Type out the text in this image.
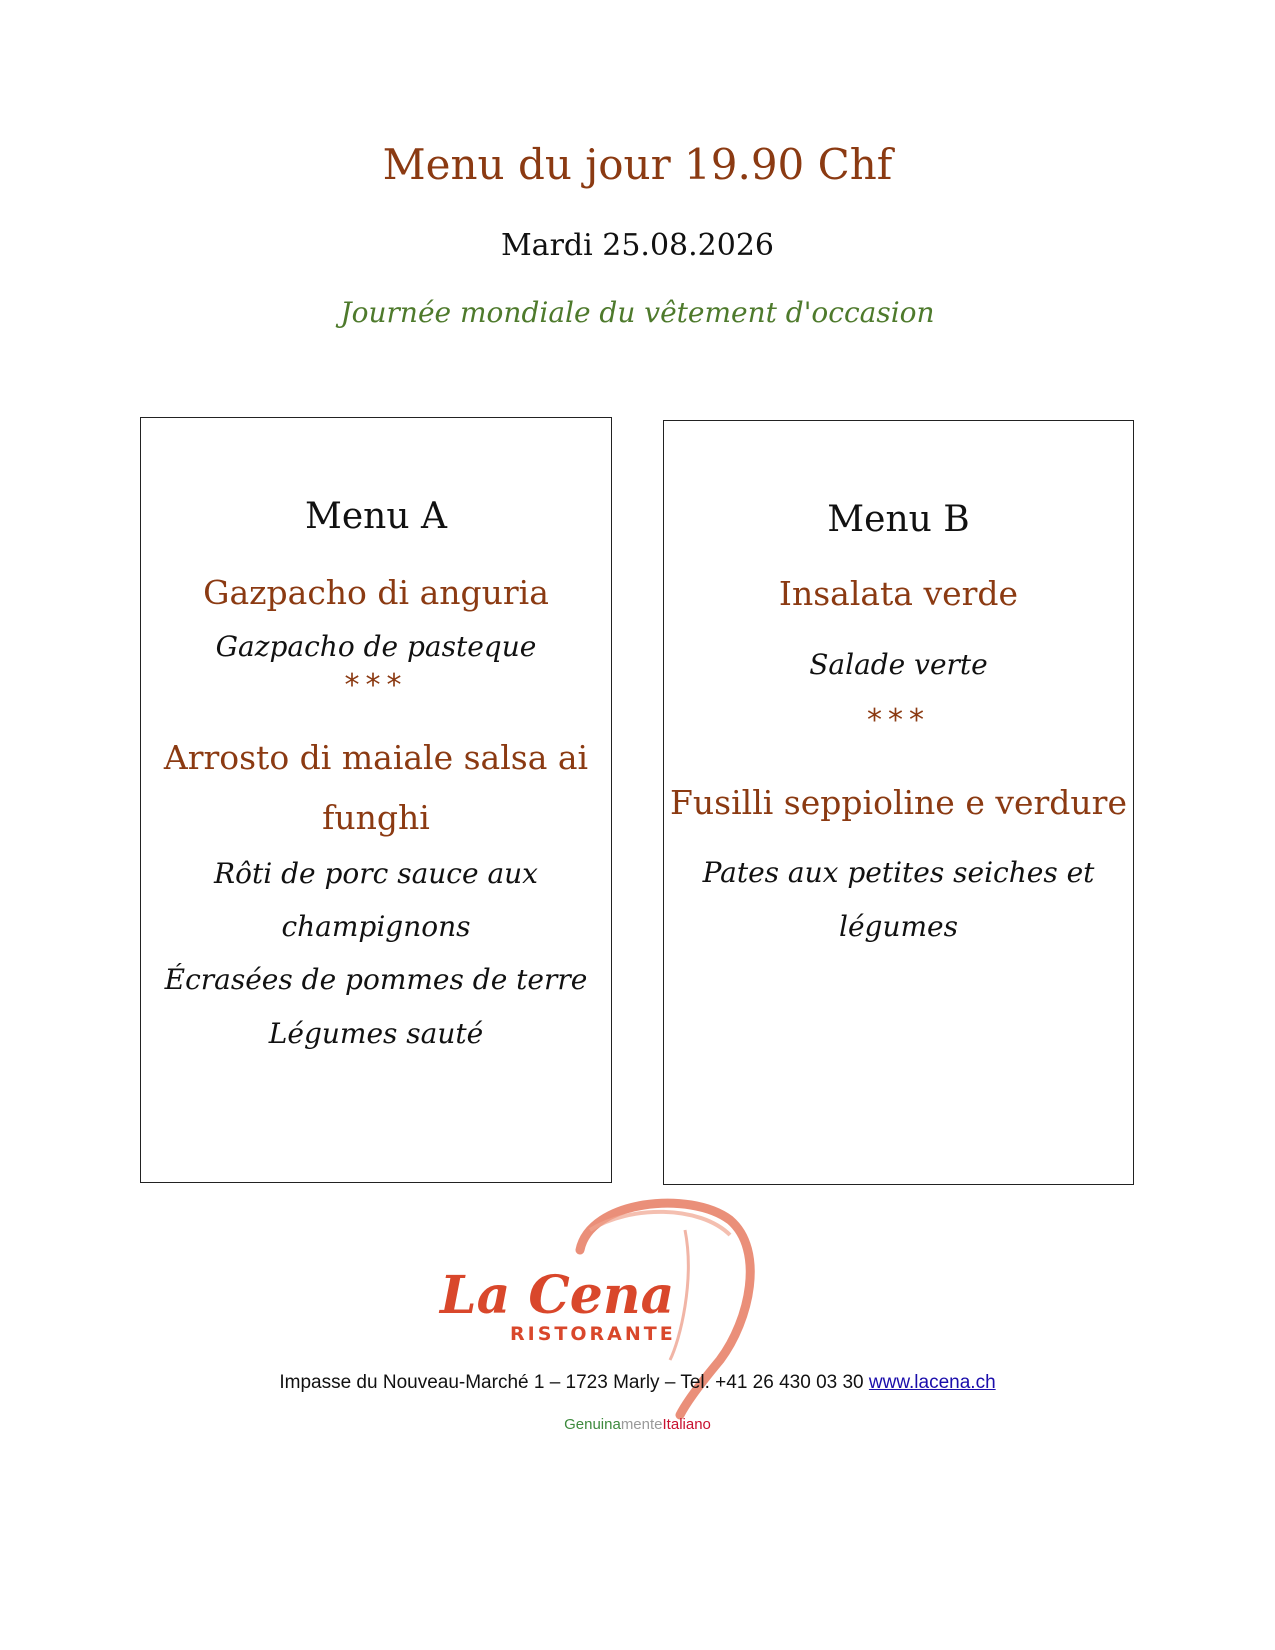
Menu du jour 19.90 Chf
Mardi 25.08.2026
Journée mondiale du vêtement d'occasion
Menu A
Gazpacho di anguria
Gazpacho de pasteque
***
Arrosto di maiale salsa ai
funghi
Rôti de porc sauce aux
champignons
Écrasées de pommes de terre
Légumes sauté
Menu B
Insalata verde
Salade verte
***
Fusilli seppioline e verdure
Pates aux petites seiches et
légumes
La Cena
RISTORANTE
Impasse du Nouveau-Marché 1 – 1723 Marly – Tel. +41 26 430 03 30 www.lacena.ch
GenuinamenteItaliano
